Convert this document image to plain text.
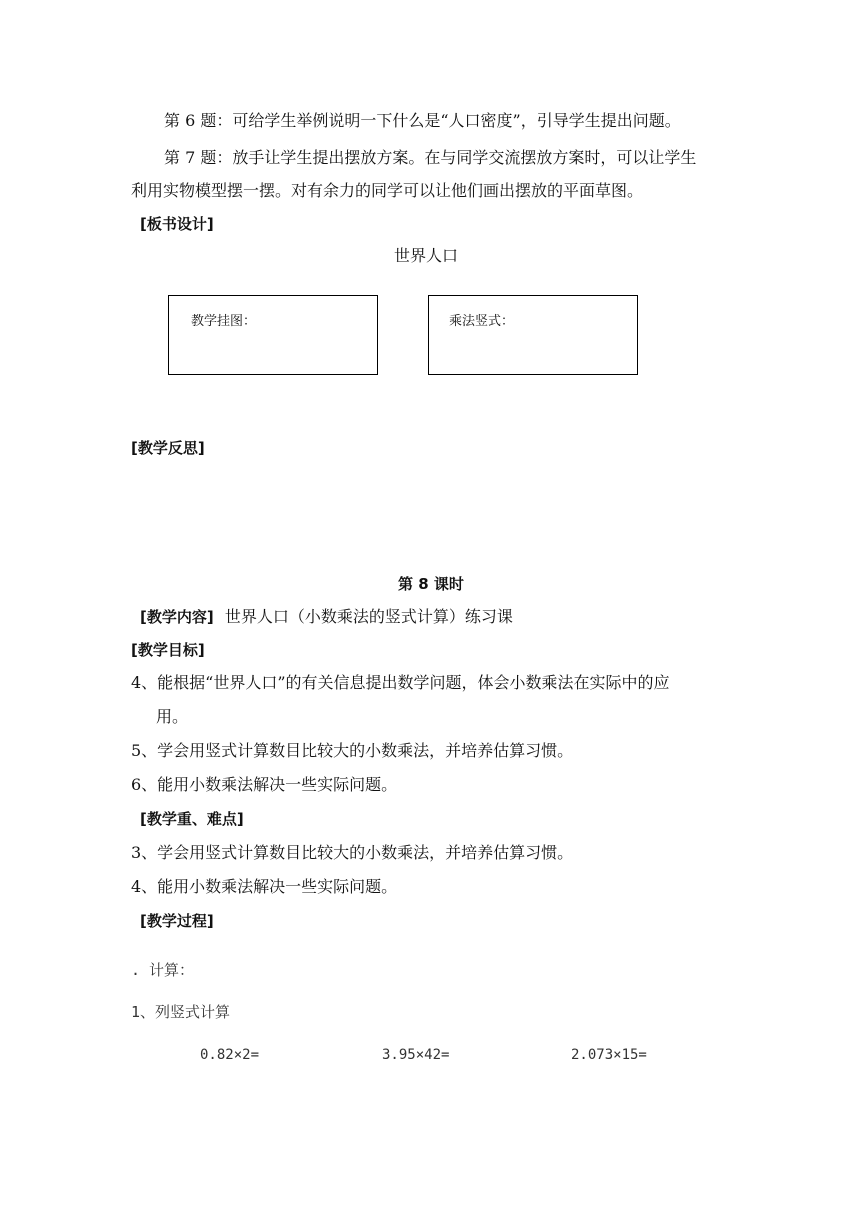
第 6 题：可给学生举例说明一下什么是“人口密度”，引导学生提出问题。
第 7 题：放手让学生提出摆放方案。在与同学交流摆放方案时，可以让学生
利用实物模型摆一摆。对有余力的同学可以让他们画出摆放的平面草图。
[板书设计]
世界人口
教学挂图：	乘法竖式：
[教学反思]
第 8 课时
[教学内容] 世界人口（小数乘法的竖式计算）练习课
[教学目标]
4、能根据“世界人口”的有关信息提出数学问题，体会小数乘法在实际中的应
用。
5、学会用竖式计算数目比较大的小数乘法，并培养估算习惯。
6、能用小数乘法解决一些实际问题。
[教学重、难点]
3、学会用竖式计算数目比较大的小数乘法，并培养估算习惯。
4、能用小数乘法解决一些实际问题。
[教学过程]
. 计算：
1、列竖式计算
0.82×2=	3.95×42=	2.073×15=
